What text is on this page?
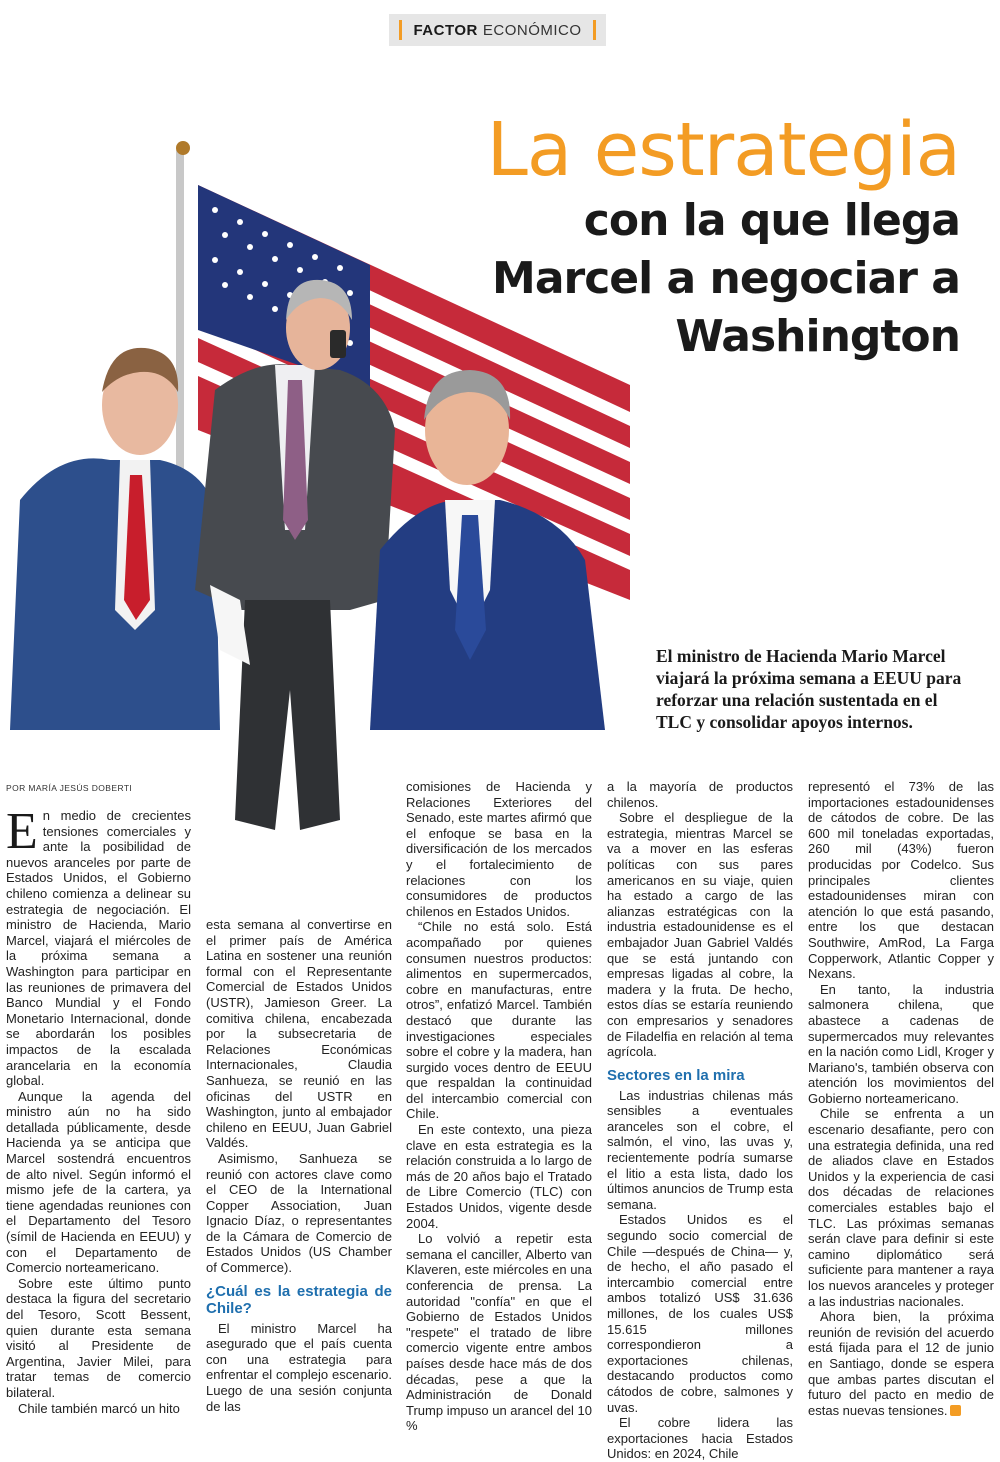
FACTOR ECONÓMICO
La estrategia
con la que llega
Marcel a negociar a
Washington
El ministro de Hacienda Mario Marcel viajará la próxima semana a EEUU para reforzar una relación sustentada en el TLC y consolidar apoyos internos.
POR MARÍA JESÚS DOBERTI

En medio de crecientes tensiones comerciales y ante la posibilidad de nuevos aranceles por parte de Estados Unidos, el Gobierno chileno comienza a delinear su estrategia de negociación. El ministro de Hacienda, Mario Marcel, viajará el miércoles de la próxima semana a Washington para participar en las reuniones de primavera del Banco Mundial y el Fondo Monetario Internacional, donde se abordarán los posibles impactos de la escalada arancelaria en la economía global.

Aunque la agenda del ministro aún no ha sido detallada públicamente, desde Hacienda ya se anticipa que Marcel sostendrá encuentros de alto nivel. Según informó el mismo jefe de la cartera, ya tiene agendadas reuniones con el Departamento del Tesoro (símil de Hacienda en EEUU) y con el Departamento de Comercio norteamericano.

Sobre este último punto destaca la figura del secretario del Tesoro, Scott Bessent, quien durante esta semana visitó al Presidente de Argentina, Javier Milei, para tratar temas de comercio bilateral.

Chile también marcó un hito

esta semana al convertirse en el primer país de América Latina en sostener una reunión formal con el Representante Comercial de Estados Unidos (USTR), Jamieson Greer. La comitiva chilena, encabezada por la subsecretaria de Relaciones Económicas Internacionales, Claudia Sanhueza, se reunió en las oficinas del USTR en Washington, junto al embajador chileno en EEUU, Juan Gabriel Valdés.

Asimismo, Sanhueza se reunió con actores clave como el CEO de la International Copper Association, Juan Ignacio Díaz, o representantes de la Cámara de Comercio de Estados Unidos (US Chamber of Commerce).

¿Cuál es la estrategia de Chile?

El ministro Marcel ha asegurado que el país cuenta con una estrategia para enfrentar el complejo escenario. Luego de una sesión conjunta de las

comisiones de Hacienda y Relaciones Exteriores del Senado, este martes afirmó que el enfoque se basa en la diversificación de los mercados y el fortalecimiento de relaciones con los consumidores de productos chilenos en Estados Unidos.

“Chile no está solo. Está acompañado por quienes consumen nuestros productos: alimentos en supermercados, cobre en manufacturas, entre otros”, enfatizó Marcel. También destacó que durante las investigaciones especiales sobre el cobre y la madera, han surgido voces dentro de EEUU que respaldan la continuidad del intercambio comercial con Chile.

En este contexto, una pieza clave en esta estrategia es la relación construida a lo largo de más de 20 años bajo el Tratado de Libre Comercio (TLC) con Estados Unidos, vigente desde 2004.

Lo volvió a repetir esta semana el canciller, Alberto van Klaveren, este miércoles en una conferencia de prensa. La autoridad "confía" en que el Gobierno de Estados Unidos "respete" el tratado de libre comercio vigente entre ambos países desde hace más de dos décadas, pese a que la Administración de Donald Trump impuso un arancel del 10 %

a la mayoría de productos chilenos.

Sobre el despliegue de la estrategia, mientras Marcel se va a mover en las esferas políticas con sus pares americanos en su viaje, quien ha estado a cargo de las alianzas estratégicas con la industria estadounidense es el embajador Juan Gabriel Valdés que se está juntando con empresas ligadas al cobre, la madera y la fruta. De hecho, estos días se estaría reuniendo con empresarios y senadores de Filadelfia en relación al tema agrícola.

Sectores en la mira

Las industrias chilenas más sensibles a eventuales aranceles son el cobre, el salmón, el vino, las uvas y, recientemente podría sumarse el litio a esta lista, dado los últimos anuncios de Trump esta semana.

Estados Unidos es el segundo socio comercial de Chile —después de China— y, de hecho, el año pasado el intercambio comercial entre ambos totalizó US$ 31.636 millones, de los cuales US$ 15.615 millones correspondieron a exportaciones chilenas, destacando productos como cátodos de cobre, salmones y uvas.

El cobre lidera las exportaciones hacia Estados Unidos: en 2024, Chile

representó el 73% de las importaciones estadounidenses de cátodos de cobre. De las 600 mil toneladas exportadas, 260 mil (43%) fueron producidas por Codelco. Sus principales clientes estadounidenses miran con atención lo que está pasando, entre los que destacan Southwire, AmRod, La Farga Copperwork, Atlantic Copper y Nexans.

En tanto, la industria salmonera chilena, que abastece a cadenas de supermercados muy relevantes en la nación como Lidl, Kroger y Mariano's, también observa con atención los movimientos del Gobierno norteamericano.

Chile se enfrenta a un escenario desafiante, pero con una estrategia definida, una red de aliados clave en Estados Unidos y la experiencia de casi dos décadas de relaciones comerciales estables bajo el TLC. Las próximas semanas serán clave para definir si este camino diplomático será suficiente para mantener a raya los nuevos aranceles y proteger a las industrias nacionales.

Ahora bien, la próxima reunión de revisión del acuerdo está fijada para el 12 de junio en Santiago, donde se espera que ambas partes discutan el futuro del pacto en medio de estas nuevas tensiones.
